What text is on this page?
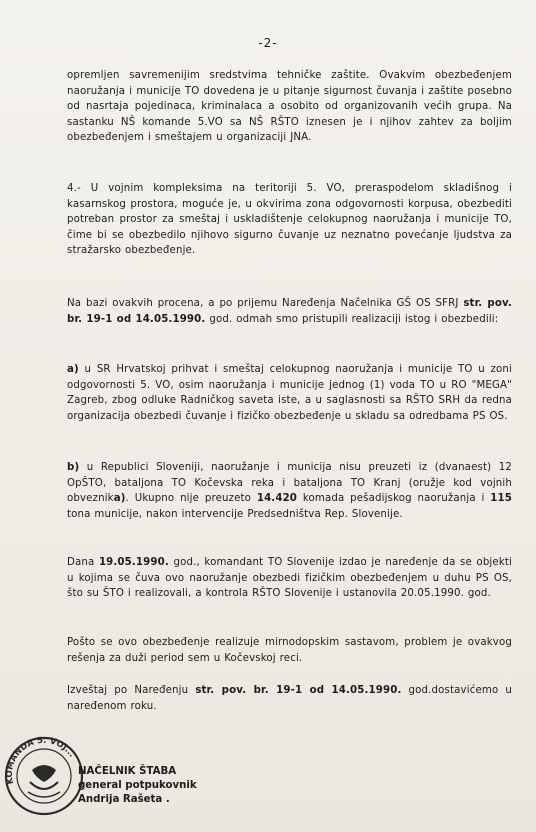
-2-
opremljen savremenijim sredstvima tehničke zaštite. Ovakvim obezbeđenjem naoružanja i municije TO dovedena je u pitanje sigurnost čuvanja i zaštite posebno od nasrtaja pojedinaca, kriminalaca a osobito od organizovanih većih grupa. Na sastanku NŠ komande 5.VO sa NŠ RŠTO iznesen je i njihov zahtev za boljim obezbeđenjem i smeštajem u organizaciji JNA.
4.- U vojnim kompleksima na teritoriji 5. VO, preraspodelom skladišnog i kasarnskog prostora, moguće je, u okvirima zona odgovornosti korpusa, obezbediti potreban prostor za smeštaj i uskladištenje celokupnog naoružanja i municije TO, čime bi se obezbedilo njihovo sigurno čuvanje uz neznatno povećanje ljudstva za stražarsko obezbeđenje.
Na bazi ovakvih procena, a po prijemu Naređenja Načelnika GŠ OS SFRJ str. pov. br. 19-1 od 14.05.1990. god. odmah smo pristupili realizaciji istog i obezbedili:
a) u SR Hrvatskoj prihvat i smeštaj celokupnog naoružanja i municije TO u zoni odgovornosti 5. VO, osim naoružanja i municije jednog (1) voda TO u RO "MEGA" Zagreb, zbog odluke Radničkog saveta iste, a u saglasnosti sa RŠTO SRH da redna organizacija obezbedi čuvanje i fizičko obezbeđenje u skladu sa odredbama PS OS.
b) u Republici Sloveniji, naoružanje i municija nisu preuzeti iz (dvanaest) 12 OpŠTO, bataljona TO Kočevska reka i bataljona TO Kranj (oružje kod vojnih obveznika). Ukupno nije preuzeto 14.420 komada pešadijskog naoružanja i 115 tona municije, nakon intervencije Predsedništva Rep. Slovenije.
Dana 19.05.1990. god., komandant TO Slovenije izdao je naređenje da se objekti u kojima se čuva ovo naoružanje obezbedi fizičkim obezbeđenjem u duhu PS OS, što su ŠTO i realizovali, a kontrola RŠTO Slovenije i ustanovila 20.05.1990. god.
Pošto se ovo obezbeđenje realizuje mirnodopskim sastavom, problem je ovakvog rešenja za duži period sem u Kočevskoj reci.
Izveštaj po Naređenju str. pov. br. 19-1 od 14.05.1990. god.dostavićemo u naređenom roku.
KOMANDA 5. VOJ...
NAČELNIK ŠTABA
general potpukovnik
Andrija Rašeta .
